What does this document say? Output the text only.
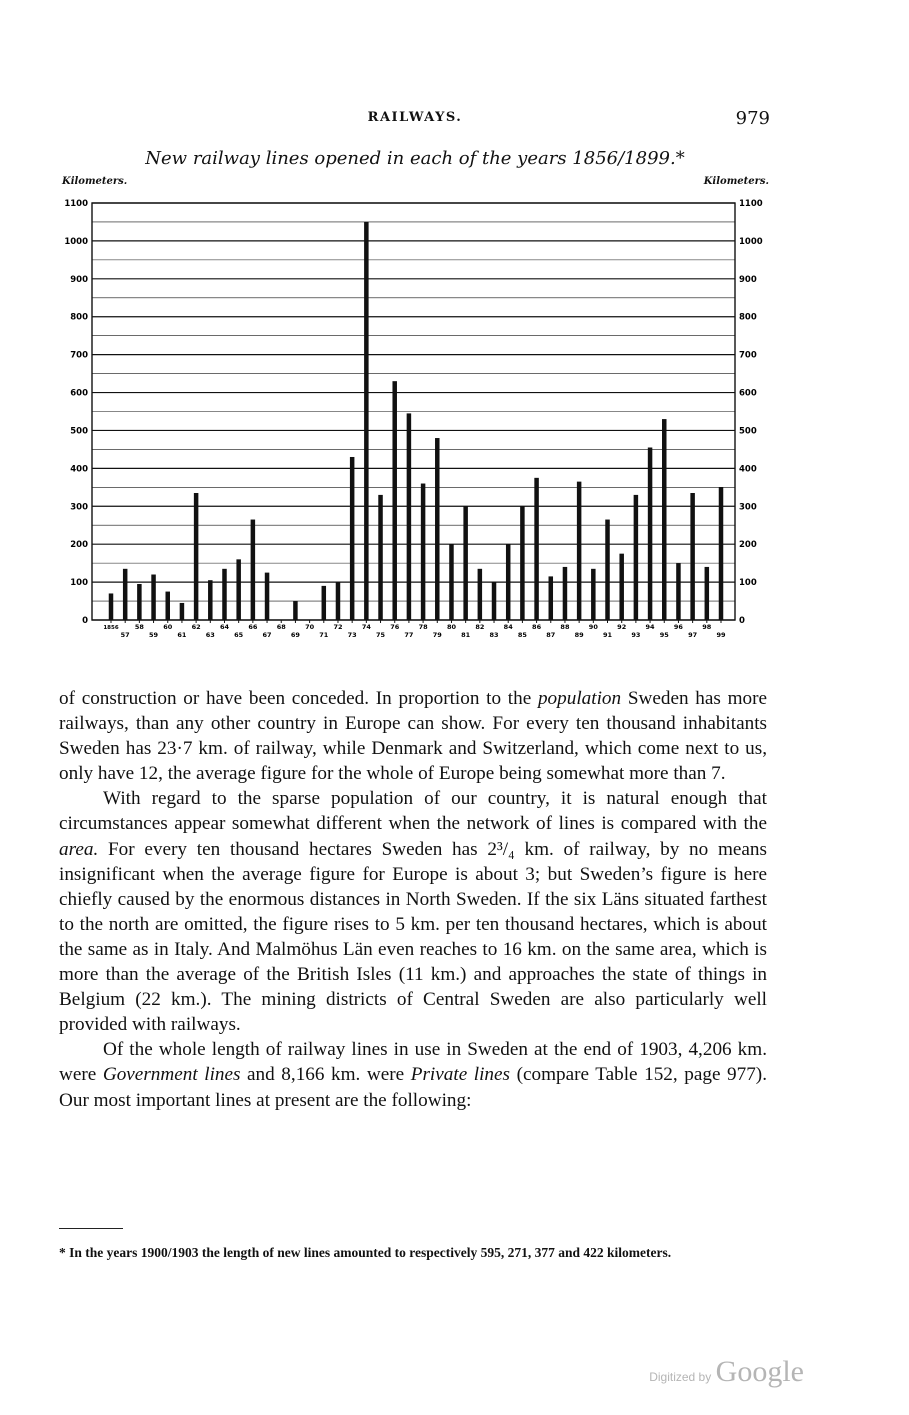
RAILWAYS.	979
New railway lines opened in each of the years 1856/1899.*
Kilometers.	Kilometers.
0	0
100	100
200	200
300	300
400	400
500	500
600	600
700	700
800	800
900	900
1000	1000
1100	1100
1856
57
58
59
60
61
62
63
64
65
66
67
68
69
70
71
72
73
74
75
76
77
78
79
80
81
82
83
84
85
86
87
88
89
90
91
92
93
94
95
96
97
98
99

of construction or have been conceded. In proportion to the population Sweden has more railways, than any other country in Europe can show. For every ten thousand inhabitants Sweden has 23·7 km. of railway, while Denmark and Switzerland, which come next to us, only have 12, the average figure for the whole of Europe being somewhat more than 7.

With regard to the sparse population of our country, it is natural enough that circumstances appear somewhat different when the network of lines is compared with the area. For every ten thousand hectares Sweden has 2³/₄ km. of railway, by no means insignificant when the average figure for Europe is about 3; but Sweden’s figure is here chiefly caused by the enormous distances in North Sweden. If the six Läns situated farthest to the north are omitted, the figure rises to 5 km. per ten thousand hectares, which is about the same as in Italy. And Malmöhus Län even reaches to 16 km. on the same area, which is more than the average of the British Isles (11 km.) and approaches the state of things in Belgium (22 km.). The mining districts of Central Sweden are also particularly well provided with railways.

Of the whole length of railway lines in use in Sweden at the end of 1903, 4,206 km. were Government lines and 8,166 km. were Private lines (compare Table 152, page 977). Our most important lines at present are the following:

* In the years 1900/1903 the length of new lines amounted to respectively 595, 271, 377 and 422 kilometers.
Digitized by Google
